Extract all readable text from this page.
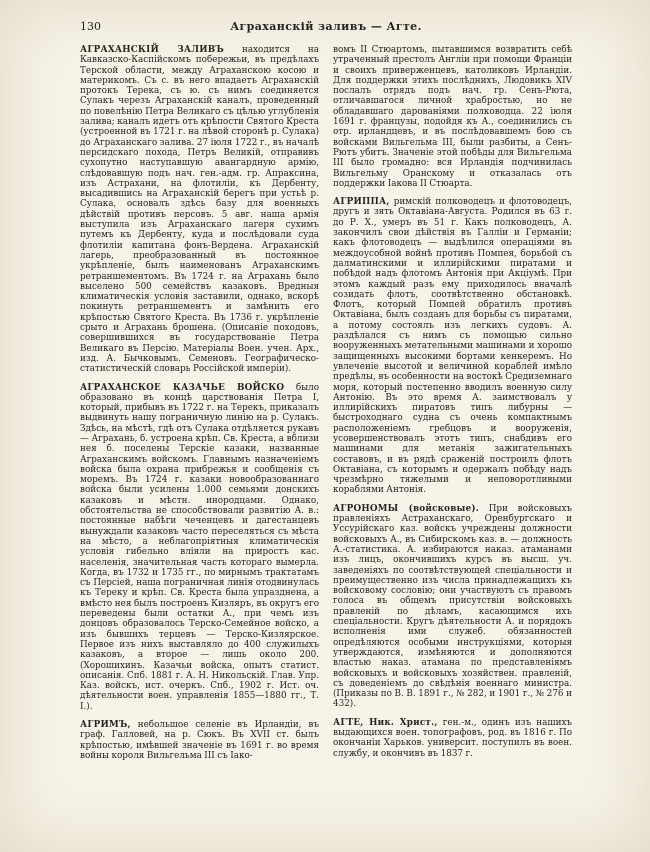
130	Аграханскій заливъ — Агте.

АГРАХАНСКІЙ ЗАЛИВЪ находится на Кавказско-Каспійскомъ побережьи, въ предѣлахъ Терской области, между Аграханскою косою и материкомъ. Съ с. въ него впадаетъ Аграханскій протокъ Терека, съ ю. съ нимъ соединяется Сулакъ черезъ Аграханскій каналъ, проведенный по повелѣнію Петра Великаго съ цѣлью углубленія залива; каналъ идетъ отъ крѣпости Святого Креста (устроенной въ 1721 г. на лѣвой сторонѣ р. Сулака) до Аграханскаго залива. 27 іюля 1722 г., въ началѣ персидскаго похода, Петръ Великій, отправивъ сухопутно наступавшую авангардную армію, слѣдовавшую подъ нач. ген.-адм. гр. Апраксина, изъ Астрахани, на флотиліи, къ Дербенту, высадившись на Аграханскій берегъ при устьѣ р. Сулака, основалъ здѣсь базу для военныхъ дѣйствій противъ персовъ. 5 авг. наша армія выступила изъ Аграханскаго лагеря сухимъ путемъ къ Дербенту, куда и послѣдовали суда флотиліи капитана фонъ-Вердена. Аграханскій лагерь, преобразованный въ постоянное укрѣпленіе, былъ наименованъ Аграханскимъ ретраншементомъ. Въ 1724 г. на Аграхань было выселено 500 семействъ казаковъ. Вредныя климатическія условія заставили, однако, вскорѣ покинуть ретраншементъ и замѣнить его крѣпостью Святого Креста. Въ 1736 г. укрѣпленіе срыто и Аграхань брошена. (Описаніе походовъ, совершившихся въ государствованіе Петра Великаго въ Персію. Матеріалы Воен. учен. Арх., изд. А. Бычковымъ. Семеновъ. Географическо-статистическій словарь Россійской имперіи).

АГРАХАНСКОЕ КАЗАЧЬЕ ВОЙСКО было образовано въ концѣ царствованія Петра I, который, прибывъ въ 1722 г. на Терекъ, приказалъ выдвинуть нашу пограничную линію на р. Сулакъ. Здѣсь, на мѣстѣ, гдѣ отъ Сулака отдѣляется рукавъ — Аграхань, б. устроена крѣп. Св. Креста, а вблизи нея б. поселены Терскіе казаки, названные Аграханскимъ войскомъ. Главнымъ назначеніемъ войска была охрана прибрежья и сообщенія съ моремъ. Въ 1724 г. казаки новообразованнаго войска были усилены 1.000 семьями донскихъ казаковъ и мѣстн. инородцами. Однако, обстоятельства не способствовали развитію А. в.: постоянные набѣги чеченцевъ и дагестанцевъ вынуждали казаковъ часто переселяться съ мѣста на мѣсто, а неблагопріятныя климатическія условія гибельно вліяли на приростъ кас. населенія, значительная часть котораго вымерла. Когда, въ 1732 и 1735 гг., по мирнымъ трактатамъ съ Персіей, наша пограничная линія отодвинулась къ Тереку и крѣп. Св. Креста была упразднена, а вмѣсто нея былъ построенъ Кизляръ, въ округъ его переведены были остатки А., при чемъ изъ донцовъ образовалось Терско-Семейное войско, а изъ бывшихъ терцевъ — Терско-Кизлярское. Первое изъ нихъ выставляло до 400 служилыхъ казаковъ, а второе — лишь около 200. (Хорошихинъ. Казачьи войска, опытъ статист. описанія. Спб. 1881 г. А. Н. Никольскій. Глав. Упр. Каз. войскъ, ист. очеркъ. Спб., 1902 г. Ист. оч. дѣятельности воен. управленія 1855—1880 гг., Т. I.).

АГРИМЪ, небольшое селеніе въ Ирландіи, въ граф. Галловей, на р. Сюкъ. Въ XVII ст. былъ крѣпостью, имѣвшей значеніе въ 1691 г. во время войны короля Вильгельма III съ Іако-

вомъ II Стюартомъ, пытавшимся возвратить себѣ утраченный престолъ Англіи при помощи Франціи и своихъ приверженцевъ, католиковъ Ирландіи. Для поддержки этихъ послѣднихъ, Людовикъ XIV послалъ отрядъ подъ нач. гр. Сенъ-Рюта, отличавшагося личной храбростью, но не обладавшаго дарованіями полководца. 22 іюля 1691 г. французы, подойдя къ А., соединились съ отр. ирландцевъ, и въ послѣдовавшемъ бою съ войсками Вильгельма III, были разбиты, а Сенъ-Рютъ убитъ. Значеніе этой побѣды для Вильгельма III было громадно: вся Ирландія подчинилась Вильгельму Оранскому и отказалась отъ поддержки Іакова II Стюарта.

АГРИППА, римскій полководецъ и флотоводецъ, другъ и зять Октавіана-Августа. Родился въ 63 г. до Р. Х., умеръ въ 51 г. Какъ полководецъ, А. закончилъ свои дѣйствія въ Галліи и Германіи; какъ флотоводецъ — выдѣлился операціями въ междоусобной войнѣ противъ Помпея, борьбой съ далматинскими и иллирійскими пиратами и побѣдой надъ флотомъ Антонія при Акціумѣ. При этомъ каждый разъ ему приходилось вначалѣ созидать флотъ, соотвѣтственно обстановкѣ. Флотъ, который Помпей обратилъ противъ Октавіана, былъ созданъ для борьбы съ пиратами, а потому состоялъ изъ легкихъ судовъ. А. раздѣлался съ нимъ съ помощью сильно вооруженныхъ метательными машинами и хорошо защищенныхъ высокими бортами кенкеремъ. Но увлеченіе высотой и величиной кораблей имѣло предѣлы, въ особенности на востокѣ Средиземнаго моря, который постепенно вводилъ военную силу Антонію. Въ это время А. заимствовалъ у иллирійскихъ пиратовъ типъ либурны — быстроходнаго судна съ очень компактнымъ расположеніемъ гребцовъ и вооруженія, усовершенствовалъ этотъ типъ, снабдивъ его машинами для метанія зажигательныхъ составовъ, и въ рядѣ сраженій построилъ флотъ Октавіана, съ которымъ и одержалъ побѣду надъ чрезмѣрно тяжелыми и неповоротливыми кораблями Антонія.

АГРОНОМЫ (войсковые). При войсковыхъ правленіяхъ Астраханскаго, Оренбургскаго и Уссурійскаго каз. войскъ учреждены должности войсковыхъ А., въ Сибирскомъ каз. в. — должность А.-статистика. А. избираются наказ. атаманами изъ лицъ, окончившихъ курсъ въ высш. уч. заведеніяхъ по соотвѣтствующей спеціальности и преимущественно изъ числа принадлежащихъ къ войсковому сословію; они участвуютъ съ правомъ голоса въ общемъ присутствіи войсковыхъ правленій по дѣламъ, касающимся ихъ спеціальности. Кругъ дѣятельности А. и порядокъ исполненія ими служеб. обязанностей опредѣляются особыми инструкціями, которыя утверждаются, измѣняются и дополняются властью наказ. атамана по представленіямъ войсковыхъ и войсковыхъ хозяйствен. правленій, съ доведеніемъ до свѣдѣнія военнаго министра. (Приказы по В. В. 1891 г., № 282, и 1901 г., № 276 и 432).

АГТЕ, Ник. Христ., ген.-м., одинъ изъ нашихъ выдающихся воен. топографовъ, род. въ 1816 г. По окончаніи Харьков. университ. поступилъ въ воен. службу, и окончивъ въ 1837 г.
